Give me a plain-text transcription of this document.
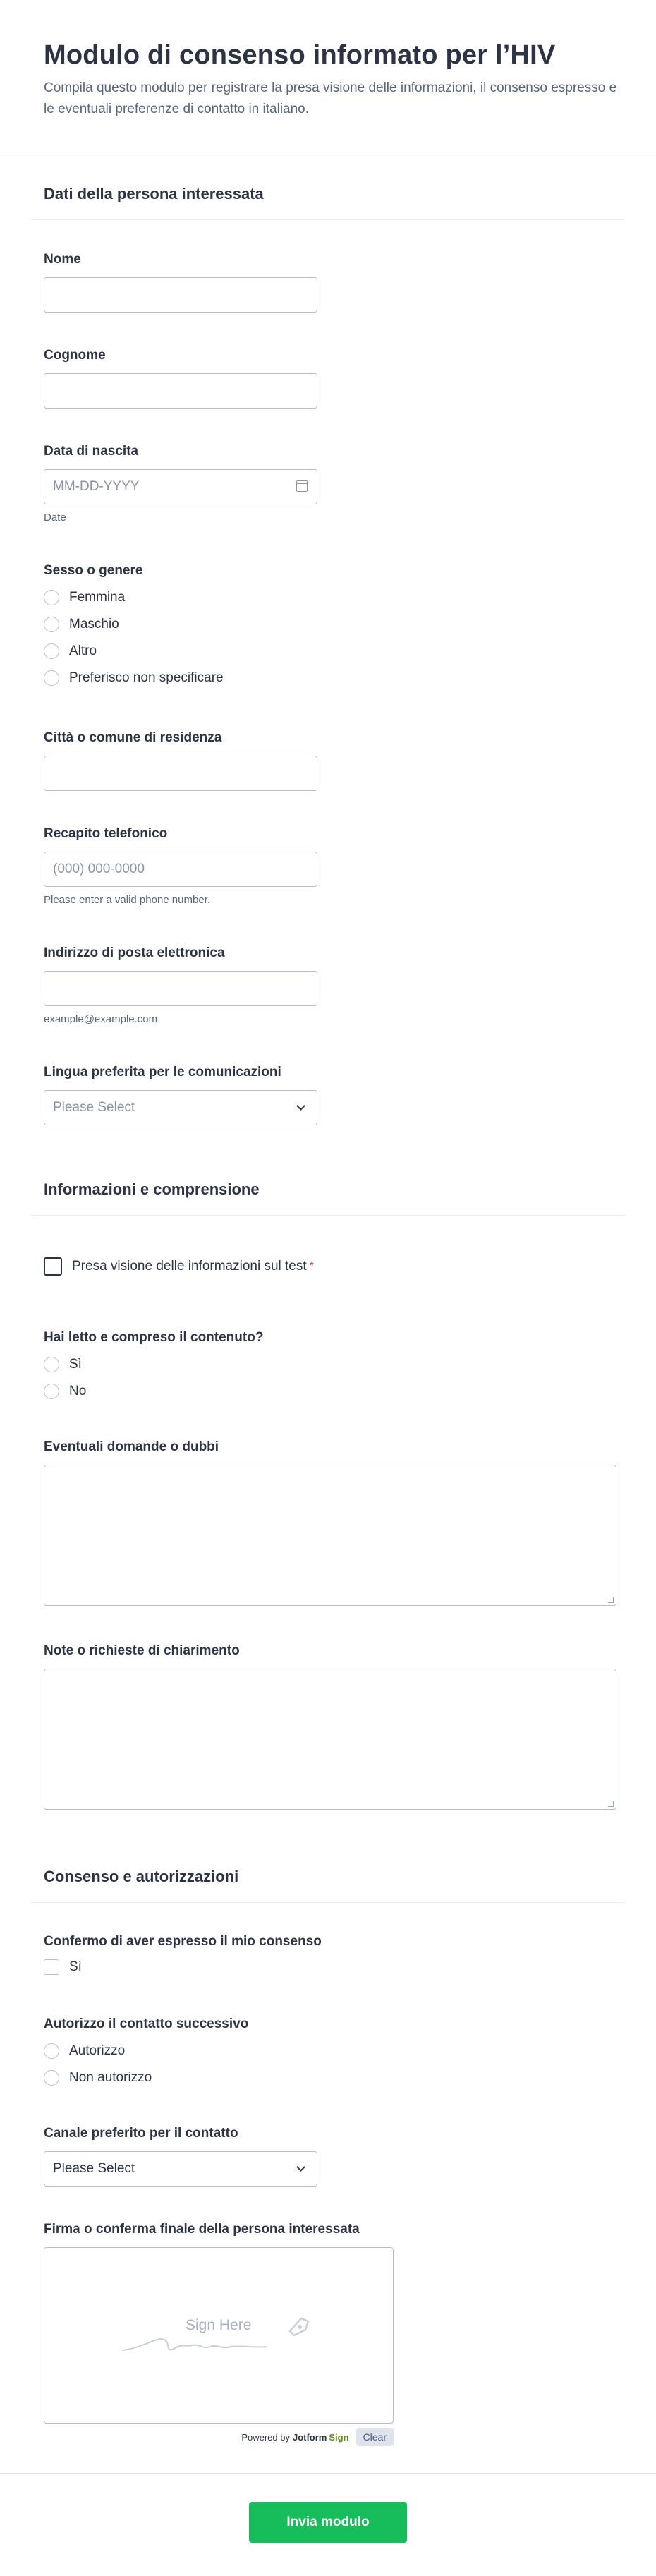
Modulo di consenso informato per l’HIV

Compila questo modulo per registrare la presa visione delle informazioni, il consenso espresso e le eventuali preferenze di contatto in italiano.

Dati della persona interessata
Nome
Cognome
Data di nascita
MM-DD-YYYY
Date
Sesso o genere
Femmina
Maschio
Altro
Preferisco non specificare
Città o comune di residenza
Recapito telefonico
(000) 000-0000
Please enter a valid phone number.
Indirizzo di posta elettronica
example@example.com
Lingua preferita per le comunicazioni
Please Select
Informazioni e comprensione
Presa visione delle informazioni sul test *
Hai letto e compreso il contenuto?
Sì
No
Eventuali domande o dubbi
Note o richieste di chiarimento
Consenso e autorizzazioni
Confermo di aver espresso il mio consenso
Sì
Autorizzo il contatto successivo
Autorizzo
Non autorizzo
Canale preferito per il contatto
Please Select
Firma o conferma finale della persona interessata
Sign Here
Powered by Jotform Sign	Clear
Invia modulo
